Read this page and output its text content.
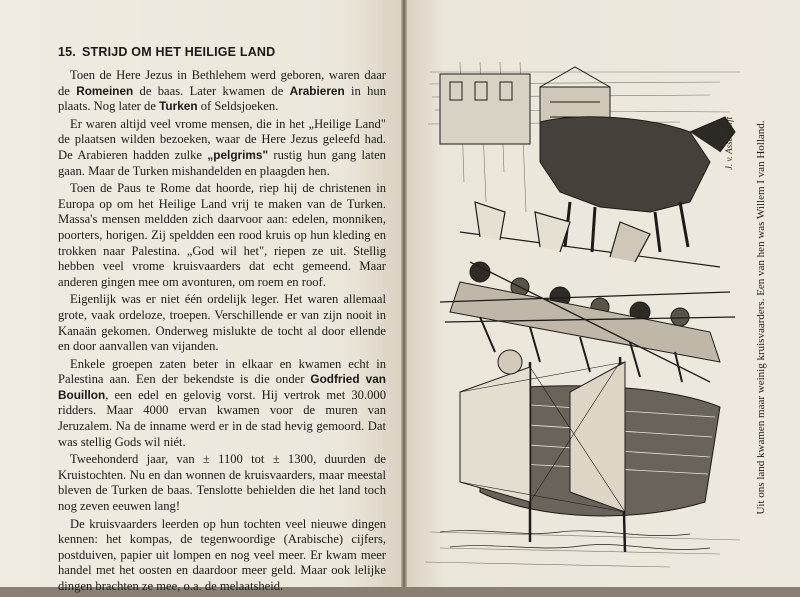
15. STRIJD OM HET HEILIGE LAND

Toen de Here Jezus in Bethlehem werd geboren, waren daar de Romeinen de baas. Later kwamen de Arabieren in hun plaats. Nog later de Turken of Seldsjoeken.

Er waren altijd veel vrome mensen, die in het „Heilige Land" de plaatsen wilden bezoeken, waar de Here Jezus geleefd had. De Arabieren hadden zulke „pelgrims" rustig hun gang laten gaan. Maar de Turken mishandelden en plaagden hen.

Toen de Paus te Rome dat hoorde, riep hij de christenen in Europa op om het Heilige Land vrij te maken van de Turken. Massa's mensen meldden zich daarvoor aan: edelen, monniken, poorters, horigen. Zij speldden een rood kruis op hun kleding en trokken naar Palestina. „God wil het", riepen ze uit. Stellig hebben veel vrome kruisvaarders dat echt gemeend. Maar anderen gingen mee om avonturen, om roem en roof.

Eigenlijk was er niet één ordelijk leger. Het waren allemaal grote, vaak ordeloze, troepen. Verschillende er van zijn nooit in Kanaän gekomen. Onderweg mislukte de tocht al door ellende en door aanvallen van vijanden.

Enkele groepen zaten beter in elkaar en kwamen echt in Palestina aan. Een der bekendste is die onder Godfried van Bouillon, een edel en gelovig vorst. Hij vertrok met 30.000 ridders. Maar 4000 ervan kwamen voor de muren van Jeruzalem. Na de inname werd er in de stad hevig gemoord. Dat was stellig Gods wil niét.

Tweehonderd jaar, van ± 1100 tot ± 1300, duurden de Kruistochten. Nu en dan wonnen de kruisvaarders, maar meestal bleven de Turken de baas. Tenslotte behielden die het land toch nog zeven eeuwen lang!

De kruisvaarders leerden op hun tochten veel nieuwe dingen kennen: het kompas, de tegenwoordige (Arabische) cijfers, postduiven, papier uit lompen en nog veel meer. Er kwam meer handel met het oosten en daardoor meer geld. Maar ook lelijke dingen brachten ze mee, o.a. de melaatsheid.

J. v. Assendelft Uit ons land kwamen maar weinig kruisvaarders. Een van hen was Willem I van Holland.
